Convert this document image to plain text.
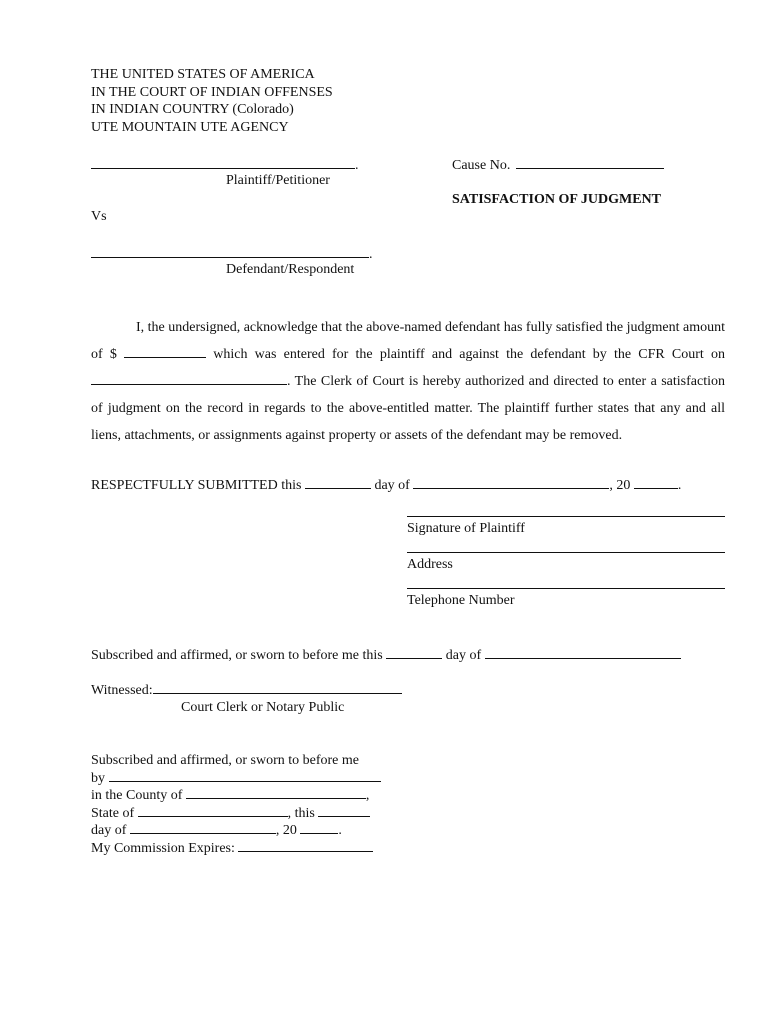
THE UNITED STATES OF AMERICA
IN THE COURT OF INDIAN OFFENSES
IN INDIAN COUNTRY (Colorado)
UTE MOUNTAIN UTE AGENCY
.
Plaintiff/Petitioner
Cause No.
SATISFACTION OF JUDGMENT
Vs
.
Defendant/Respondent
I, the undersigned, acknowledge that the above-named defendant has fully satisfied the judgment amount of $	which was entered for the plaintiff and against the defendant by the CFR Court on . The Clerk of Court is hereby authorized and directed to enter a satisfaction of judgment on the record in regards to the above-entitled matter. The plaintiff further states that any and all liens, attachments, or assignments against property or assets of the defendant may be removed.
RESPECTFULLY SUBMITTED this	day of	, 20	.
Signature of Plaintiff
Address
Telephone Number
Subscribed and affirmed, or sworn to before me this	day of
Witnessed:
Court Clerk or Notary Public
Subscribed and affirmed, or sworn to before me
by
in the County of	,
State of	, this
day of	, 20	.
My Commission Expires:
